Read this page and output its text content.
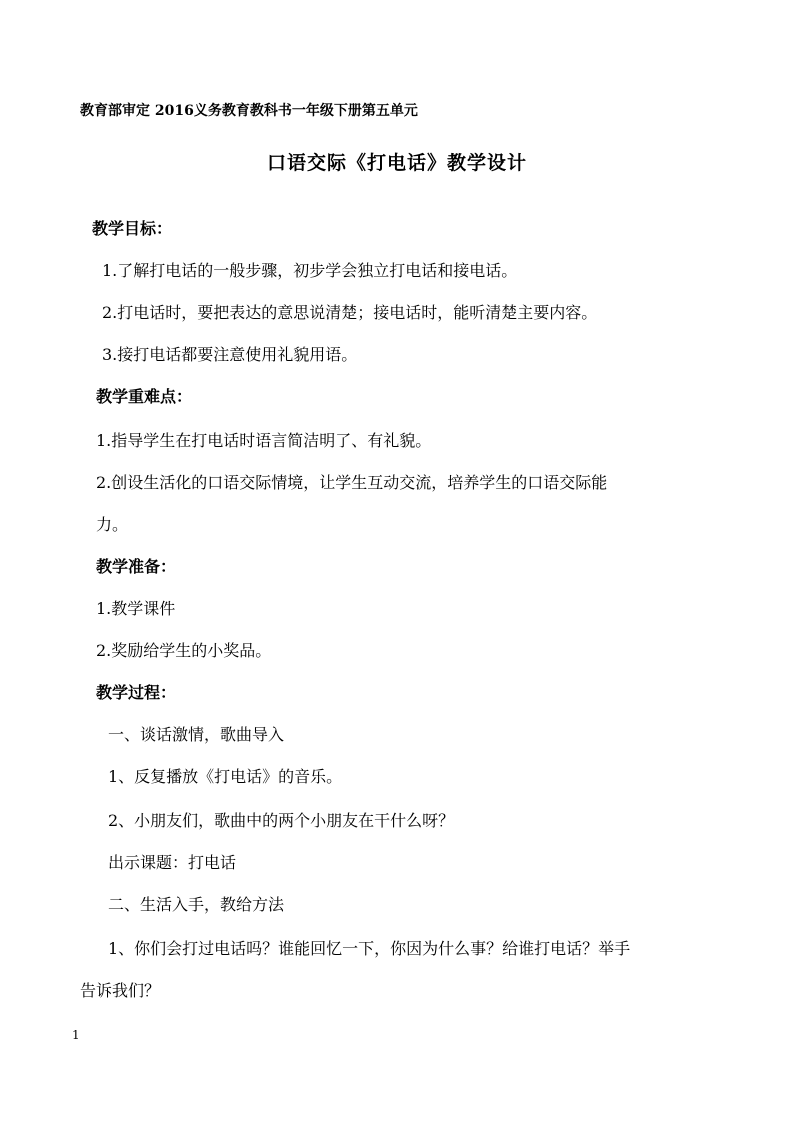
教育部审定 2016义务教育教科书一年级下册第五单元
口语交际《打电话》教学设计
教学目标：
1.了解打电话的一般步骤，初步学会独立打电话和接电话。
2.打电话时，要把表达的意思说清楚；接电话时，能听清楚主要内容。
3.接打电话都要注意使用礼貌用语。
教学重难点：
1.指导学生在打电话时语言简洁明了、有礼貌。
2.创设生活化的口语交际情境，让学生互动交流，培养学生的口语交际能
力。
教学准备：
1.教学课件
2.奖励给学生的小奖品。
教学过程：
一、谈话激情，歌曲导入
1、反复播放《打电话》的音乐。
2、小朋友们，歌曲中的两个小朋友在干什么呀？
出示课题：打电话
二、生活入手，教给方法
1、你们会打过电话吗？谁能回忆一下，你因为什么事？给谁打电话？举手
告诉我们？
1
